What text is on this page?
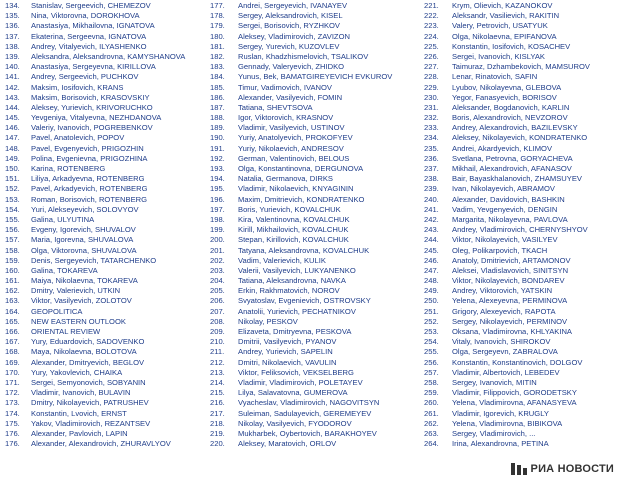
134. Stanislav, Sergeevich, CHEMEZOV
135. Nina, Viktorovna, DOROKHOVA
136. Anastasiya, Mikhailovna, IGNATOVA
137. Ekaterina, Sergeevna, IGNATOVA
138. Andrey, Vitalyevich, ILYASHENKO
139. Aleksandra, Aleksandrovna, KAMYSHANOVA
140. Anastasiya, Sergeyevna, KIRILLOVA
141. Andrey, Sergeevich, PUCHKOV
142. Maksim, Iosifovich, KRANS
143. Maksim, Borisovich, KRASOVSKIY
144. Aleksey, Yurievich, KRIVORUCHKO
145. Yevgeniya, Vitalyevna, NEZHDANOVA
146. Valeriy, Ivanovich, POGREBENKOV
147. Pavel, Anatolevich, POPOV
148. Pavel, Evgenyevich, PRIGOZHIN
149. Polina, Evgenievna, PRIGOZHINA
150. Karina, ROTENBERG
151. Liliya, Arkadyevna, ROTENBERG
152. Pavel, Arkadyevich, ROTENBERG
153. Roman, Borisovich, ROTENBERG
154. Yuri, Alekseyevich, SOLOVYOV
155. Galina, ULYUTINA
156. Evgeny, Igorevich, SHUVALOV
157. Maria, Igorevna, SHUVALOVA
158. Olga, Viktorovna, SHUVALOVA
159. Denis, Sergeyevich, TATARCHENKO
160. Galina, TOKAREVA
161. Maiya, Nikolaevna, TOKAREVA
162. Dmitry, Valerievich, UTKIN
163. Viktor, Vasilyevich, ZOLOTOV
164. GEOPOLITICA
165. NEW EASTERN OUTLOOK
166. ORIENTAL REVIEW
167. Yury, Eduardovich, SADOVENKO
168. Maya, Nikolaevna, BOLOTOVA
169. Alexander, Dmitryevich, BEGLOV
170. Yury, Yakovlevich, CHAIKA
171. Sergei, Semyonovich, SOBYANIN
172. Vladimir, Ivanovich, BULAVIN
173. Dmitry, Nikolayevich, PATRUSHEV
174. Konstantin, Lvovich, ERNST
175. Yakov, Vladimirovich, REZANTSEV
176. Alexander, Pavlovich, LAPIN
176. Alexander, Alexandrovich, ZHURAVLYOV
177. Andrei, Sergeyevich, IVANAYEV
178. Sergey, Aleksandrovich, KISEL
179. Sergei, Borisovich, RYZHKOV
180. Aleksey, Vladimirovich, ZAVIZON
181. Sergey, Yurevich, KUZOVLEV
182. Ruslan, Khadzhismelovich, TSALIKOV
183. Gennady, Valeryevich, ZHIDKO
184. Yunus, Bek, BAMATGIREYEVICH EVKUROV
185. Timur, Vadimovich, IVANOV
186. Alexander, Vasilyevich, FOMIN
187. Tatiana, SHEVTSOVA
188. Igor, Viktorovich, KRASNOV
189. Vladimir, Vasilyevich, USTINOV
190. Yuriy, Anatolyevich, PROKOFYEV
191. Yuriy, Nikolaevich, ANDRESOV
192. German, Valentinovich, BELOUS
193. Olga, Konstantinovna, DERGUNOVA
194. Natalia, Germanova, DIRKS
195. Vladimir, Nikolaevich, KNYAGININ
196. Maxim, Dmitrievich, KONDRATENKO
197. Boris, Yurievich, KOVALCHUK
198. Kira, Valentinovna, KOVALCHUK
199. Kirill, Mikhailovich, KOVALCHUK
200. Stepan, Kirillovich, KOVALCHUK
201. Tatyana, Aleksandrovna, KOVALCHUK
202. Vadim, Valerievich, KULIK
203. Valerii, Vasilyevich, LUKYANENKO
204. Tatiana, Aleksandrovna, NAVKA
205. Erkin, Rakhmatovich, NOROV
206. Svyatoslav, Evgenievich, OSTROVSKY
207. Anatolii, Yurievich, PECHATNIKOV
208. Nikolay, PESKOV
209. Elizaveta, Dmitryevna, PESKOVA
210. Dmitrii, Vasilyevich, PYANOV
211. Andrey, Yurievich, SAPELIN
212. Dmitri, Nikolaevich, VAVULIN
213. Viktor, Feliksovich, VEKSELBERG
214. Vladimir, Vladimirovich, POLETAYEV
215. Lilya, Salavatovna, GUMEROVA
216. Vyacheslav, Vladimirovich, NAGOVITSYN
217. Suleiman, Sadulayevich, GEREMEYEV
218. Nikolay, Vasilyevich, FYODOROV
219. Mukharbek, Oybertovich, BARAKHOYEV
220. Aleksey, Maratovich, ORLOV
221. Krym, Olievich, KAZANOKOV
222. Aleksandr, Vasilievich, RAKITIN
223. Valery, Petrovich, USATYUK
224. Olga, Nikolaevna, EPIFANOVA
225. Konstantin, Iosifovich, KOSACHEV
226. Sergei, Ivanovich, KISLYAK
227. Taimuraz, Dzhambekovich, MAMSUROV
228. Lenar, Rinatovich, SAFIN
229. Lyubov, Nikolayevna, GLEBOVA
230. Yegor, Fanasyevich, BORISOV
231. Aleksander, Bogdanovich, KARLIN
232. Boris, Alexandrovich, NEVZOROV
233. Andrey, Alexandrovich, BAZILEVSKY
234. Aleksey, Nikolayevich, KONDRATENKO
235. Andrei, Akardyevich, KLIMOV
236. Svetlana, Petrovna, GORYACHEVA
237. Mikhail, Alexandrovich, AFANASOV
238. Bair, Bayaskhalanovich, ZHAMSUYEV
239. Ivan, Nikolayevich, ABRAMOV
240. Alexander, Davidovich, BASHKIN
241. Vadim, Yevgenyevich, DENGIN
242. Margarita, Nikolayevna, PAVLOVA
243. Andrey, Vladimirovich, CHERNYSHYOV
244. Viktor, Nikolayevich, VASILYEV
245. Oleg, Polikarpovich, TKACH
246. Anatoly, Dmitrievich, ARTAMONOV
247. Aleksei, Vladislavovich, SINITSYN
248. Viktor, Nikolayevich, BONDAREV
249. Andrey, Viktorovich, YATSKIN
250. Yelena, Alexeyevna, PERMINOVA
251. Grigory, Alexeyevich, RAPOTA
252. Sergey, Nikolayevich, PERMINOV
253. Oksana, Vladimirovna, KHLYAKINA
254. Vitaly, Ivanovich, SHIROKOV
255. Olga, Sergeyevn, ZABRALOVA
256. Konstantin, Konstantinovich, DOLGOV
257. Vladimir, Albertovich, LEBEDEV
258. Sergey, Ivanovich, MITIN
259. Vladimir, Filippovich, GORODETSKY
260. Yelena, Vladimirovna, AFANASYEVA
261. Vladimir, Igorevich, KRUGLY
262. Yelena, Vladimirovna, BIBIKOVA
263. Sergey, Vladimirovich, ...
264. Irina, Alexandrovna, PETINA
РИА НОВОСТИ
